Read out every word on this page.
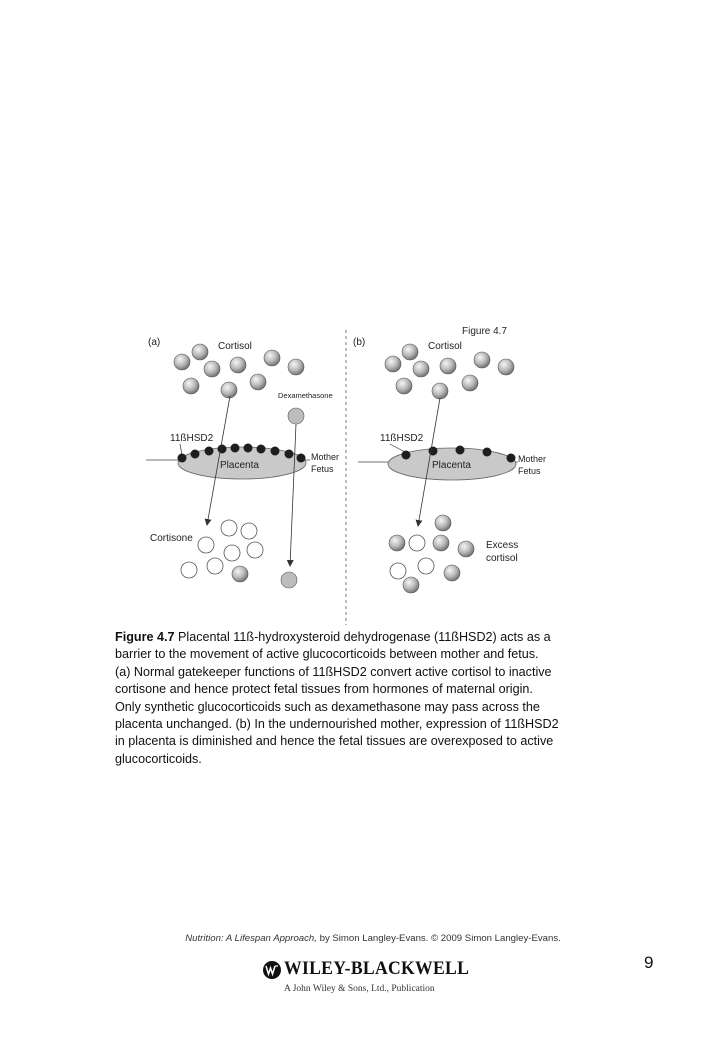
(a)	Cortisol
Dexamethasone
Placenta
11ßHSD2
Mother
Fetus
Cortisone
Figure 4.7
(b)	Cortisol
Placenta
11ßHSD2
Mother
Fetus
Excess
cortisol
Figure 4.7 Placental 11ß-hydroxysteroid dehydrogenase (11ßHSD2) acts as a
barrier to the movement of active glucocorticoids between mother and fetus.
(a) Normal gatekeeper functions of 11ßHSD2 convert active cortisol to inactive
cortisone and hence protect fetal tissues from hormones of maternal origin.
Only synthetic glucocorticoids such as dexamethasone may pass across the
placenta unchanged. (b) In the undernourished mother, expression of 11ßHSD2
in placenta is diminished and hence the fetal tissues are overexposed to active
glucocorticoids.
Nutrition: A Lifespan Approach, by Simon Langley-Evans. © 2009 Simon Langley-Evans.
WILEY-BLACKWELL
A John Wiley & Sons, Ltd., Publication
9
